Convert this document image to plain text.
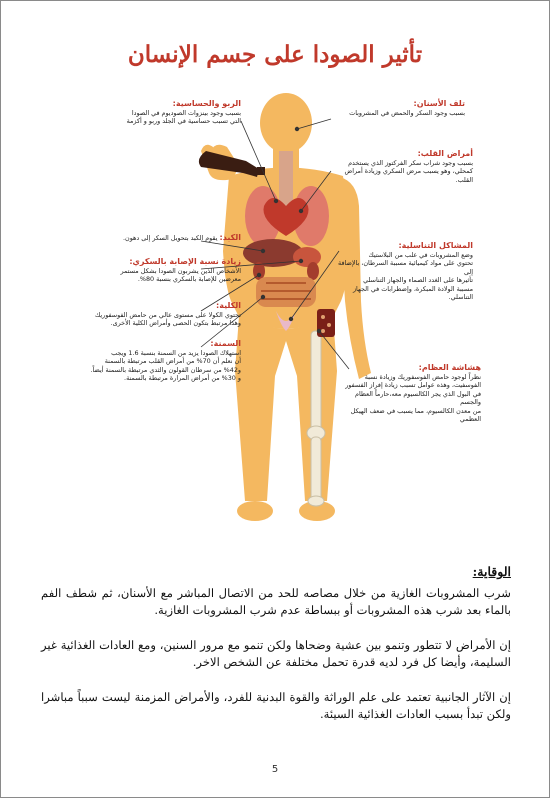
تأثير الصودا على جسم الإنسان
الربو والحساسية:
بسبب وجود بينزوات الصوديوم في الصودا
التي تسبب حساسية في الجلد وربو و أكزمة
الكبد: يقوم الكبد بتحويل السكر إلى دهون.
زيادة نسبة الإصابة بالسكري:
الأشخاص الذين يشربون الصودا بشكل مستمر
معرضين للإصابة بالسكري بنسبة 80%.
الكلية:
تحتوي الكولا على مستوى عالي من حامض الفوسفوريك
وهذا مرتبط بتكون الحصى وأمراض الكلية الأخرى.
السمنة:
استهلاك الصودا يزيد من السمنة بنسبة 1.6 ويجب
أن نعلم أن 70% من أمراض القلب مرتبطة بالسمنة
و42% من سرطان القولون والثدي مرتبطة بالسمنة أيضاً.
و 30% من أمراض المرارة مرتبطة بالسمنة.
تلف الأسنان:
بسبب وجود السكر والحمض في المشروبات
أمراض القلب:
بسبب وجود شراب سكر الفركتوز الذي يستخدم
كمحلي، وهو يسبب مرض السكري وزيادة أمراض القلب.
المشاكل التناسلية:
وضع المشروبات في علب من البلاستيك
تحتوي على مواد كيميائية مسببة السرطان، بالإضافة إلى
تأثيرها على الغدد الصماء والجهاز التناسلي
مسببة الولادة المبكرة، وإضطرابات في الجهاز التناسلي.
هشاشة العظام:
نظراً لوجود حامض الفوسفوريك وزيادة نسبة
الفوسفيت، وهذه عوامل تسبب زيادة إفراز الفسفور
في البول الذي يجر الكالسيوم معه،حارماً العظام والجسم
من معدن الكالسيوم، مما يسبب في ضعف الهيكل العظمي
الوقاية:
شرب المشروبات الغازية من خلال مصاصه للحد من الاتصال المباشر مع الأسنان، ثم شطف الفم بالماء بعد شرب هذه المشروبات أو ببساطة عدم شرب المشروبات الغازية.
إن الأمراض لا تتطور وتنمو بين عشية وضحاها ولكن تنمو مع مرور السنين، ومع العادات الغذائية غير السليمة، وأيضا كل فرد لديه قدرة تحمل مختلفة عن الشخص الاخر.
إن الآثار الجانبية تعتمد على علم الوراثة والقوة البدنية للفرد، والأمراض المزمنة ليست سبباً مباشرا ولكن تبدأ بسبب العادات الغذائية السيئة.
5
